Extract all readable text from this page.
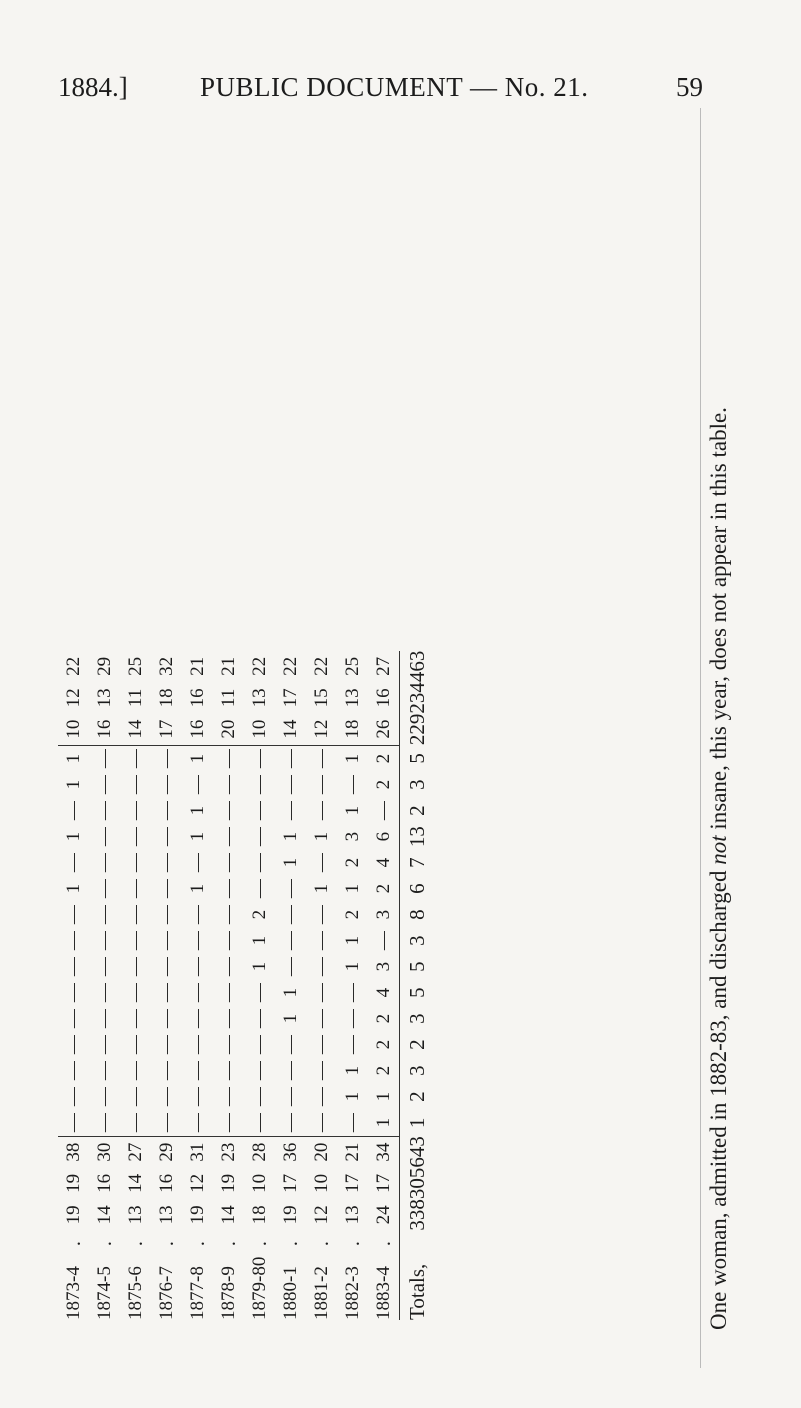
1884.]	PUBLIC DOCUMENT — No. 21.	59
1873-4	.	19	19	38	—	—	—	—	—	—	—	—	—	1	—	1	—	1	1	10	12	22
1874-5	.	14	16	30	—	—	—	—	—	—	—	—	—	—	—	—	—	—	—	16	13	29
1875-6	.	13	14	27	—	—	—	—	—	—	—	—	—	—	—	—	—	—	—	14	11	25
1876-7	.	13	16	29	—	—	—	—	—	—	—	—	—	—	—	—	—	—	—	17	18	32
1877-8	.	19	12	31	—	—	—	—	—	—	—	—	—	1	—	1	1	—	1	16	16	21
1878-9	.	14	19	23	—	—	—	—	—	—	—	—	—	—	—	—	—	—	—	20	11	21
1879-80	.	18	10	28	—	—	—	—	—	—	1	1	2	—	—	—	—	—	—	10	13	22
1880-1	.	19	17	36	—	—	—	—	1	1	—	—	—	—	1	1	—	—	—	14	17	22
1881-2	.	12	10	20	—	—	—	—	—	—	—	—	—	1	—	1	—	—	—	12	15	22
1882-3	.	13	17	21	—	1	1	—	—	—	1	1	2	1	2	3	1	—	1	18	13	25
1883-4	.	24	17	34	1	1	2	2	2	4	3	—	3	2	4	6	—	2	2	26	16	27

Totals,		338	305	643	1	2	3	2	3	5	5	3	8	6	7	13	2	3	5	229	234	463
One woman, admitted in 1882-83, and discharged not insane, this year, does not appear in this table.
